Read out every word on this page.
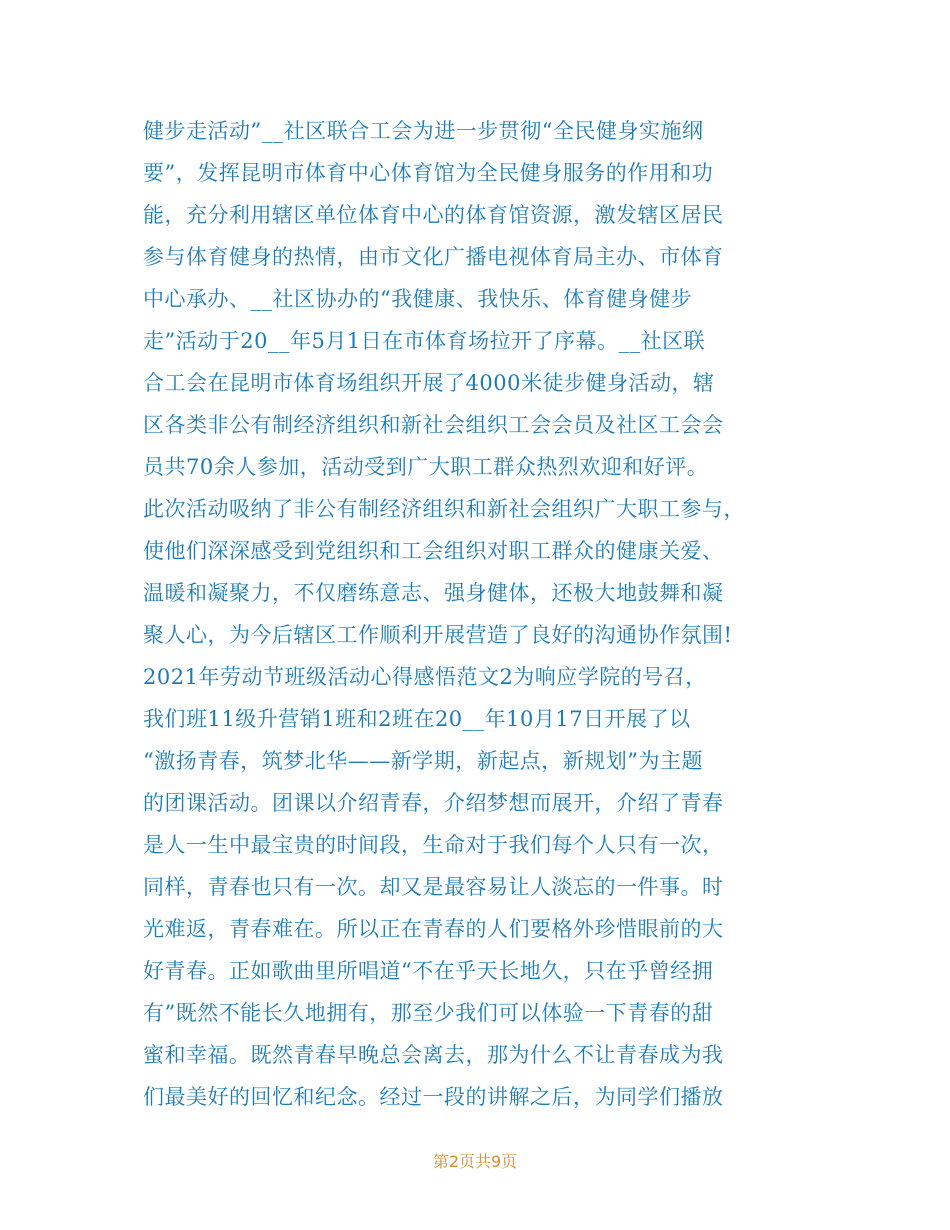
健步走活动”__社区联合工会为进一步贯彻“全民健身实施纲
要”，发挥昆明市体育中心体育馆为全民健身服务的作用和功
能，充分利用辖区单位体育中心的体育馆资源，激发辖区居民
参与体育健身的热情，由市文化广播电视体育局主办、市体育
中心承办、__社区协办的“我健康、我快乐、体育健身健步
走”活动于20__年5月1日在市体育场拉开了序幕。__社区联
合工会在昆明市体育场组织开展了4000米徒步健身活动，辖
区各类非公有制经济组织和新社会组织工会会员及社区工会会
员共70余人参加，活动受到广大职工群众热烈欢迎和好评。
此次活动吸纳了非公有制经济组织和新社会组织广大职工参与，
使他们深深感受到党组织和工会组织对职工群众的健康关爱、
温暖和凝聚力，不仅磨练意志、强身健体，还极大地鼓舞和凝
聚人心，为今后辖区工作顺利开展营造了良好的沟通协作氛围!
2021年劳动节班级活动心得感悟范文2为响应学院的号召，
我们班11级升营销1班和2班在20__年10月17日开展了以
“激扬青春，筑梦北华——新学期，新起点，新规划”为主题
的团课活动。团课以介绍青春，介绍梦想而展开，介绍了青春
是人一生中最宝贵的时间段，生命对于我们每个人只有一次，
同样，青春也只有一次。却又是最容易让人淡忘的一件事。时
光难返，青春难在。所以正在青春的人们要格外珍惜眼前的大
好青春。正如歌曲里所唱道“不在乎天长地久，只在乎曾经拥
有”既然不能长久地拥有，那至少我们可以体验一下青春的甜
蜜和幸福。既然青春早晚总会离去，那为什么不让青春成为我
们最美好的回忆和纪念。经过一段的讲解之后，为同学们播放
第2页共9页
